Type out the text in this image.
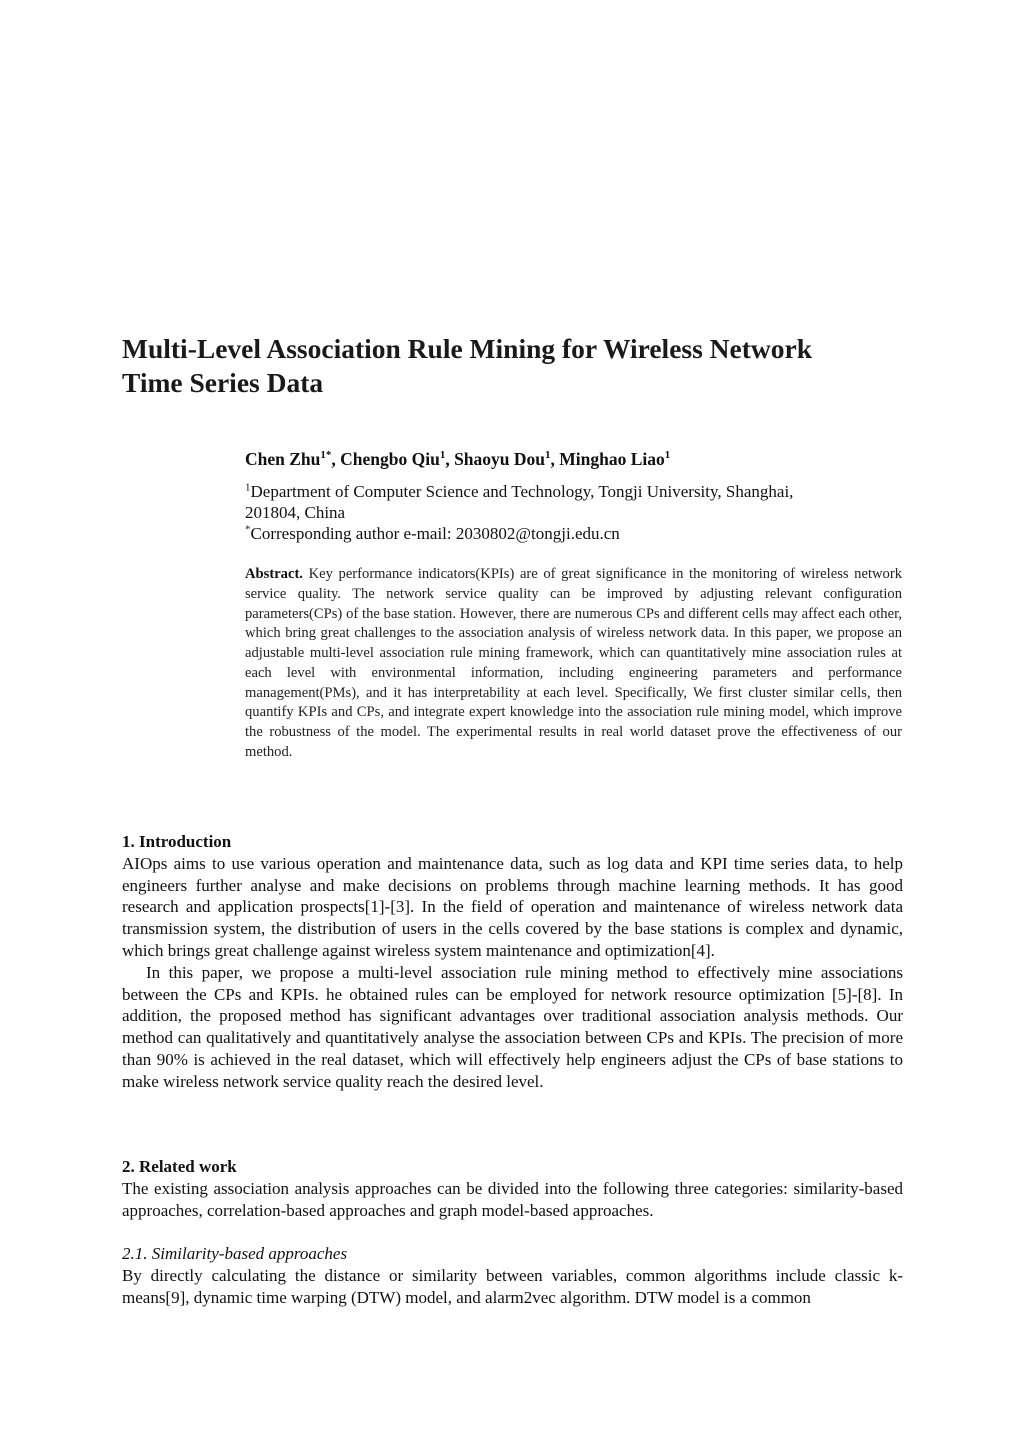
Multi-Level Association Rule Mining for Wireless Network
Time Series Data
Chen Zhu$^{1*}$, Chengbo Qiu$^1$, Shaoyu Dou$^1$, Minghao Liao$^1$
$^1$Department of Computer Science and Technology, Tongji University, Shanghai,
201804, China
*Corresponding author e-mail: 2030802@tongji.edu.cn
Abstract. Key performance indicators(KPIs) are of great significance in the monitoring of wireless network service quality. The network service quality can be improved by adjusting relevant configuration parameters(CPs) of the base station. However, there are numerous CPs and different cells may affect each other, which bring great challenges to the association analysis of wireless network data. In this paper, we propose an adjustable multi-level association rule mining framework, which can quantitatively mine association rules at each level with environmental information, including engineering parameters and performance management(PMs), and it has interpretability at each level. Specifically, We first cluster similar cells, then quantify KPIs and CPs, and integrate expert knowledge into the association rule mining model, which improve the robustness of the model. The experimental results in real world dataset prove the effectiveness of our method.
1. Introduction

AIOps aims to use various operation and maintenance data, such as log data and KPI time series data, to help engineers further analyse and make decisions on problems through machine learning methods. It has good research and application prospects[1]-[3]. In the field of operation and maintenance of wireless network data transmission system, the distribution of users in the cells covered by the base stations is complex and dynamic, which brings great challenge against wireless system maintenance and optimization[4].

In this paper, we propose a multi-level association rule mining method to effectively mine associations between the CPs and KPIs. he obtained rules can be employed for network resource optimization [5]-[8]. In addition, the proposed method has significant advantages over traditional association analysis methods. Our method can qualitatively and quantitatively analyse the association between CPs and KPIs. The precision of more than 90% is achieved in the real dataset, which will effectively help engineers adjust the CPs of base stations to make wireless network service quality reach the desired level.

2. Related work

The existing association analysis approaches can be divided into the following three categories: similarity-based approaches, correlation-based approaches and graph model-based approaches.

2.1. Similarity-based approaches

By directly calculating the distance or similarity between variables, common algorithms include classic k-means[9], dynamic time warping (DTW) model, and alarm2vec algorithm. DTW model is a common
